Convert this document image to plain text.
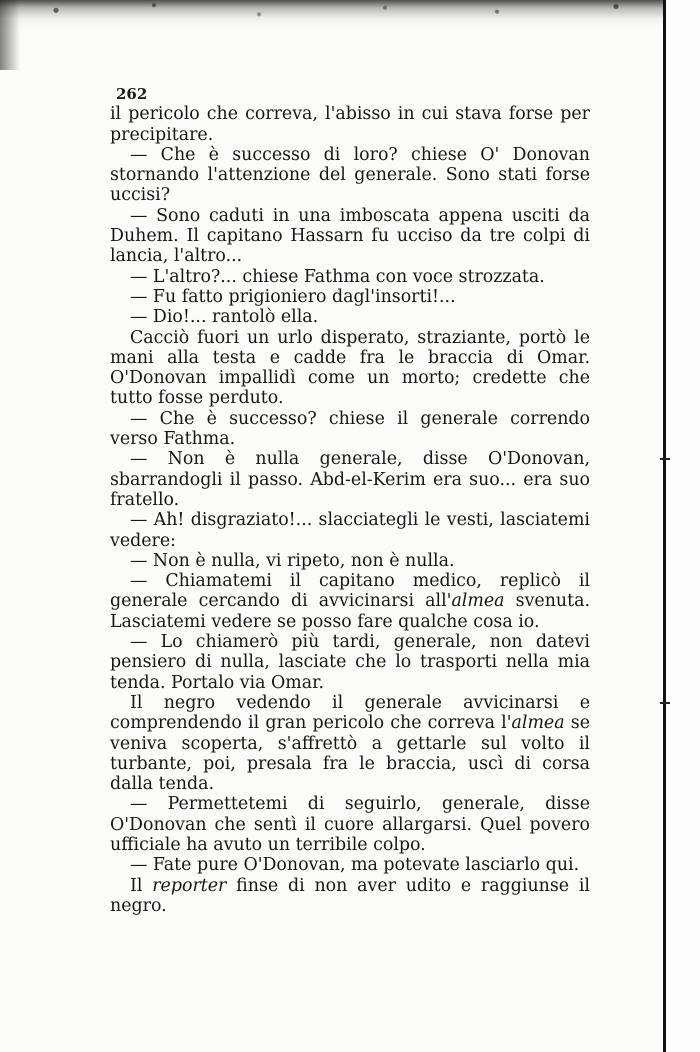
262

il pericolo che correva, l'abisso in cui stava forse per precipitare.

— Che è successo di loro? chiese O' Donovan stornando l'attenzione del generale. Sono stati forse uccisi?

— Sono caduti in una imboscata appena usciti da Duhem. Il capitano Hassarn fu ucciso da tre colpi di lancia, l'altro...

— L'altro?... chiese Fathma con voce strozzata.

— Fu fatto prigioniero dagl'insorti!...

— Dio!... rantolò ella.

Cacciò fuori un urlo disperato, straziante, portò le mani alla testa e cadde fra le braccia di Omar. O'Donovan impallidì come un morto; credette che tutto fosse perduto.

— Che è successo? chiese il generale correndo verso Fathma.

— Non è nulla generale, disse O'Donovan, sbarrandogli il passo. Abd-el-Kerim era suo... era suo fratello.

— Ah! disgraziato!... slacciategli le vesti, lasciatemi vedere:

— Non è nulla, vi ripeto, non è nulla.

— Chiamatemi il capitano medico, replicò il generale cercando di avvicinarsi all'almea svenuta. Lasciatemi vedere se posso fare qualche cosa io.

— Lo chiamerò più tardi, generale, non datevi pensiero di nulla, lasciate che lo trasporti nella mia tenda. Portalo via Omar.

Il negro vedendo il generale avvicinarsi e comprendendo il gran pericolo che correva l'almea se veniva scoperta, s'affrettò a gettarle sul volto il turbante, poi, presala fra le braccia, uscì di corsa dalla tenda.

— Permettetemi di seguirlo, generale, disse O'Donovan che sentì il cuore allargarsi. Quel povero ufficiale ha avuto un terribile colpo.

— Fate pure O'Donovan, ma potevate lasciarlo qui.

Il reporter finse di non aver udito e raggiunse il negro.
